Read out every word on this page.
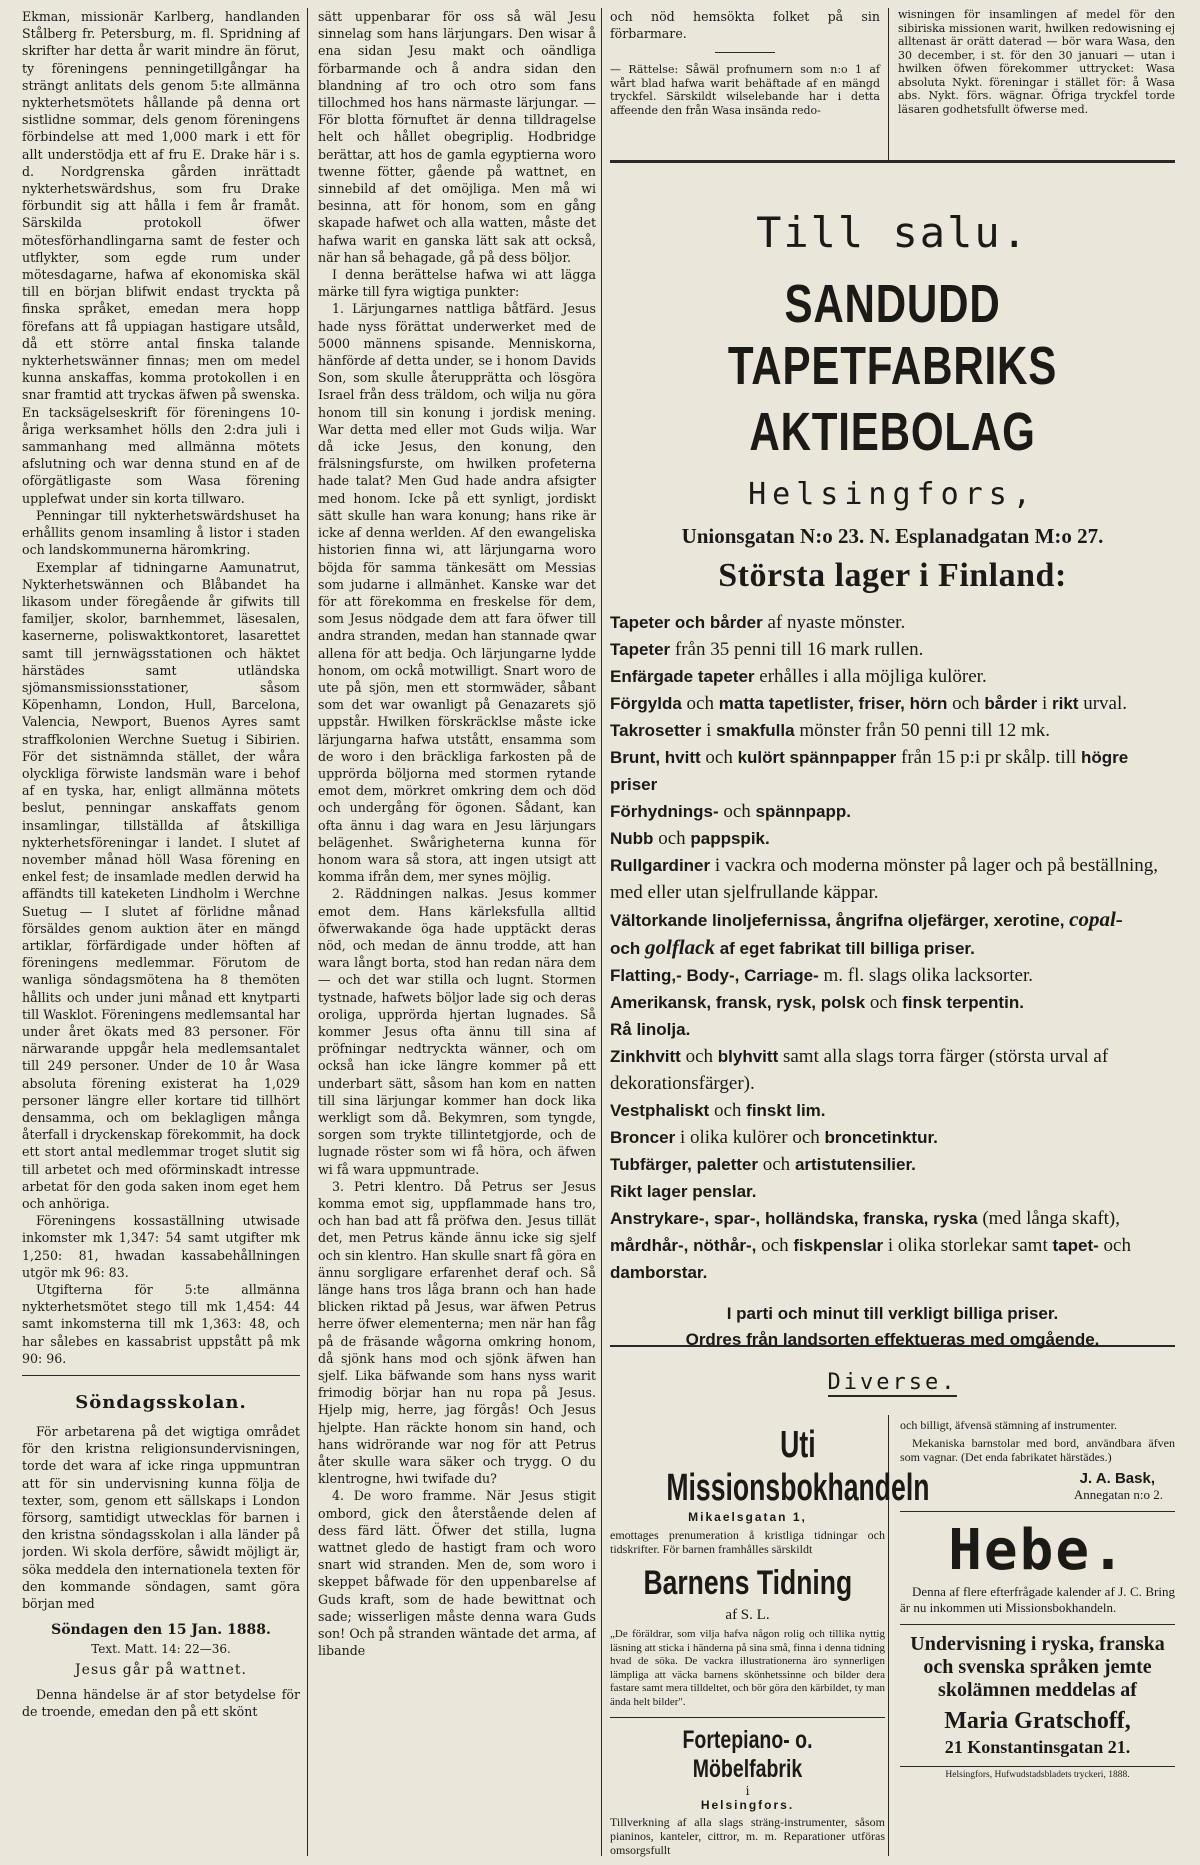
Ekman, missionär Karlberg, handlanden Stålberg fr. Petersburg, m. fl. Spridning af skrifter har detta år warit mindre än förut, ty föreningens penningetillgångar ha strängt anlitats dels genom 5:te allmänna nykterhetsmötets hållande på denna ort sistlidne sommar, dels genom föreningens förbindelse att med 1,000 mark i ett för allt understödja ett af fru E. Drake här i s. d. Nordgrenska gården inrättadt nykterhetswärdshus, som fru Drake förbundit sig att hålla i fem år framåt. Särskilda protokoll öfwer mötesförhandlingarna samt de fester och utflykter, som egde rum under mötesdagarne, hafwa af ekonomiska skäl till en början blifwit endast tryckta på finska språket, emedan mera hopp förefans att få uppiagan hastigare utsåld, då ett större antal finska talande nykterhetswänner finnas; men om medel kunna anskaffas, komma protokollen i en snar framtid att tryckas äfwen på swenska. En tacksägelseskrift för föreningens 10-åriga werksamhet hölls den 2:dra juli i sammanhang med allmänna mötets afslutning och war denna stund en af de oförgätligaste som Wasa förening upplefwat under sin korta tillwaro.

Penningar till nykterhetswärdshuset ha erhållits genom insamling å listor i staden och landskommunerna häromkring.

Exemplar af tidningarne Aamunatrut, Nykterhetswännen och Blåbandet ha likasom under föregående år gifwits till familjer, skolor, barnhemmet, läsesalen, kasernerne, poliswaktkontoret, lasarettet samt till jernwägsstationen och häktet härstädes samt utländska sjömansmissionsstationer, såsom Köpenhamn, London, Hull, Barcelona, Valencia, Newport, Buenos Ayres samt straffkolonien Werchne Suetug i Sibirien. För det sistnämnda stället, der wåra olyckliga förwiste landsmän ware i behof af en tyska, har, enligt allmänna mötets beslut, penningar anskaffats genom insamlingar, tillställda af åtskilliga nykterhetsföreningar i landet. I slutet af november månad höll Wasa förening en enkel fest; de insamlade medlen derwid ha affändts till kateketen Lindholm i Werchne Suetug — I slutet af förlidne månad försäldes genom auktion äter en mängd artiklar, förfärdigade under höften af föreningens medlemmar. Förutom de wanliga söndagsmötena ha 8 themöten hållits och under juni månad ett knytparti till Wasklot. Föreningens medlemsantal har under året ökats med 83 personer. För närwarande uppgår hela medlemsantalet till 249 personer. Under de 10 år Wasa absoluta förening existerat ha 1,029 personer längre eller kortare tid tillhört densamma, och om beklagligen många återfall i dryckenskap förekommit, ha dock ett stort antal medlemmar troget slutit sig till arbetet och med oförminskadt intresse arbetat för den goda saken inom eget hem och anhöriga.

Föreningens kossaställning utwisade inkomster mk 1,347: 54 samt utgifter mk 1,250: 81, hwadan kassabehållningen utgör mk 96: 83.

Utgifterna för 5:te allmänna nykterhetsmötet stego till mk 1,454: 44 samt inkomsterna till mk 1,363: 48, och har sålebes en kassabrist uppstått på mk 90: 96.

Söndagsskolan.

För arbetarena på det wigtiga området för den kristna religionsundervisningen, torde det wara af icke ringa uppmuntran att för sin undervisning kunna följa de texter, som, genom ett sällskaps i London försorg, samtidigt utwecklas för barnen i den kristna söndagsskolan i alla länder på jorden. Wi skola derföre, såwidt möjligt är, söka meddela den internationela texten för den kommande söndagen, samt göra början med

Söndagen den 15 Jan. 1888.
Text. Matt. 14: 22—36.
Jesus går på wattnet.

Denna händelse är af stor betydelse för de troende, emedan den på ett skönt

sätt uppenbarar för oss så wäl Jesu sinnelag som hans lärjungars. Den wisar å ena sidan Jesu makt och oändliga förbarmande och å andra sidan den blandning af tro och otro som fans tillochmed hos hans närmaste lärjungar. — För blotta förnuftet är denna tilldragelse helt och hållet obegriplig. Hodbridge berättar, att hos de gamla egyptierna woro twenne fötter, gående på wattnet, en sinnebild af det omöjliga. Men må wi besinna, att för honom, som en gång skapade hafwet och alla watten, måste det hafwa warit en ganska lätt sak att också, när han så behagade, gå på dess böljor.

I denna berättelse hafwa wi att lägga märke till fyra wigtiga punkter:

1. Lärjungarnes nattliga båtfärd. Jesus hade nyss förättat underwerket med de 5000 männens spisande. Menniskorna, hänförde af detta under, se i honom Davids Son, som skulle återupprätta och lösgöra Israel från dess träldom, och wilja nu göra honom till sin konung i jordisk mening. War detta med eller mot Guds wilja. War då icke Jesus, den konung, den frälsningsfurste, om hwilken profeterna hade talat? Men Gud hade andra afsigter med honom. Icke på ett synligt, jordiskt sätt skulle han wara konung; hans rike är icke af denna werlden. Af den ewangeliska historien finna wi, att lärjungarna woro böjda för samma tänkesätt om Messias som judarne i allmänhet. Kanske war det för att förekomma en freskelse för dem, som Jesus nödgade dem att fara öfwer till andra stranden, medan han stannade qwar allena för att bedja. Och lärjungarne lydde honom, om ockå motwilligt. Snart woro de ute på sjön, men ett stormwäder, såbant som det war owanligt på Genazarets sjö uppstår. Hwilken förskräcklse måste icke lärjungarna hafwa utstått, ensamma som de woro i den bräckliga farkosten på de upprörda böljorna med stormen rytande emot dem, mörkret omkring dem och död och undergång för ögonen. Sådant, kan ofta ännu i dag wara en Jesu lärjungars belägenhet. Swårigheterna kunna för honom wara så stora, att ingen utsigt att komma ifrån dem, mer synes möjlig.

2. Räddningen nalkas. Jesus kommer emot dem. Hans kärleksfulla alltid öfwerwakande öga hade upptäckt deras nöd, och medan de ännu trodde, att han wara långt borta, stod han redan nära dem — och det war stilla och lugnt. Stormen tystnade, hafwets böljor lade sig och deras oroliga, upprörda hjertan lugnades. Så kommer Jesus ofta ännu till sina af pröfningar nedtryckta wänner, och om också han icke längre kommer på ett underbart sätt, såsom han kom en natten till sina lärjungar kommer han dock lika werkligt som då. Bekymren, som tyngde, sorgen som trykte tillintetgjorde, och de lugnade röster som wi få höra, och äfwen wi få wara uppmuntrade.

3. Petri klentro. Då Petrus ser Jesus komma emot sig, uppflammade hans tro, och han bad att få pröfwa den. Jesus tillät det, men Petrus kände ännu icke sig sjelf och sin klentro. Han skulle snart få göra en ännu sorgligare erfarenhet deraf och. Så länge hans tros låga brann och han hade blicken riktad på Jesus, war äfwen Petrus herre öfwer elementerna; men när han fåg på de fräsande wågorna omkring honom, då sjönk hans mod och sjönk äfwen han sjelf. Lika bäfwande som hans nyss warit frimodig börjar han nu ropa på Jesus. Hjelp mig, herre, jag förgås! Och Jesus hjelpte. Han räckte honom sin hand, och hans widrörande war nog för att Petrus åter skulle wara säker och trygg. O du klentrogne, hwi twifade du?

4. De woro framme. När Jesus stigit ombord, gick den återstående delen af dess färd lätt. Öfwer det stilla, lugna wattnet gledo de hastigt fram och woro snart wid stranden. Men de, som woro i skeppet båfwade för den uppenbarelse af Guds kraft, som de hade bewittnat och sade; wisserligen måste denna wara Guds son! Och på stranden wäntade det arma, af libande

och nöd hemsökta folket på sin förbarmare.

— Rättelse: Såwäl profnumern som n:o 1 af wårt blad hafwa warit behäftade af en mängd tryckfel. Särskildt wilselebande har i detta affeende den från Wasa insända redo-

wisningen för insamlingen af medel för den sibiriska missionen warit, hwilken redowisning ej alltenast är orätt daterad — bör wara Wasa, den 30 december, i st. för den 30 januari — utan i hwilken öfwen förekommer uttrycket: Wasa absoluta Nykt. föreningar i stället för: å Wasa abs. Nykt. förs. wägnar. Öfriga tryckfel torde läsaren godhetsfullt öfwerse med.

Till salu.
SANDUDD TAPETFABRIKS
AKTIEBOLAG
Helsingfors,
Unionsgatan N:o 23. N. Esplanadgatan M:o 27.
Största lager i Finland:

Tapeter och bårder af nyaste mönster.

Tapeter från 35 penni till 16 mark rullen.

Enfärgade tapeter erhålles i alla möjliga kulörer.

Förgylda och matta tapetlister, friser, hörn och bårder i rikt urval.

Takrosetter i smakfulla mönster från 50 penni till 12 mk.

Brunt, hvitt och kulört spännpapper från 15 p:i pr skålp. till högre priser

Förhydnings- och spännpapp.

Nubb och pappspik.

Rullgardiner i vackra och moderna mönster på lager och på beställning, med eller utan sjelfrullande käppar.

Vältorkande linoljefernissa, ångrifna oljefärger, xerotine, copal-

och golflack af eget fabrikat till billiga priser.

Flatting,- Body-, Carriage- m. fl. slags olika lacksorter.

Amerikansk, fransk, rysk, polsk och finsk terpentin.

Rå linolja.

Zinkhvitt och blyhvitt samt alla slags torra färger (största urval af dekorationsfärger).

Vestphaliskt och finskt lim.

Broncer i olika kulörer och broncetinktur.

Tubfärger, paletter och artistutensilier.

Rikt lager penslar.

Anstrykare-, spar-, holländska, franska, ryska (med långa skaft), mårdhår-, nöthår-, och fiskpenslar i olika storlekar samt tapet- och damborstar.

I parti och minut till verkligt billiga priser.
Ordres från landsorten effektueras med omgående.
Diverse.
Uti Missionsbokhandeln
Mikaelsgatan 1,

emottages prenumeration å kristliga tidningar och tidskrifter. För barnen framhålles särskildt

Barnens Tidning
af S. L.

„De föräldrar, som vilja hafva någon rolig och tillika nyttig läsning att sticka i händerna på sina små, finna i denna tidning hvad de söka. De vackra illustrationerna äro synnerligen lämpliga att väcka barnens skönhetssinne och bilder dera fastare samt mera tilldeltet, och bör göra den kärbildet, ty man ända helt bilder".

Fortepiano- o. Möbelfabrik
i
Helsingfors.

Tillverkning af alla slags sträng-instrumenter, såsom pianinos, kanteler, cittror, m. m. Reparationer utföras omsorgsfullt

och billigt, äfvensä stämning af instrumenter.

Mekaniska barnstolar med bord, användbara äfven som vagnar. (Det enda fabrikatet härstädes.)

J. A. Bask,
Annegatan n:o 2.
Hebe.

Denna af flere efterfrågade kalender af J. C. Bring är nu inkommen uti Missionsbokhandeln.

Undervisning i ryska, franska och svenska språken jemte skolämnen meddelas af
Maria Gratschoff,
21 Konstantinsgatan 21.
Helsingfors, Hufwudstadsbladets tryckeri, 1888.
